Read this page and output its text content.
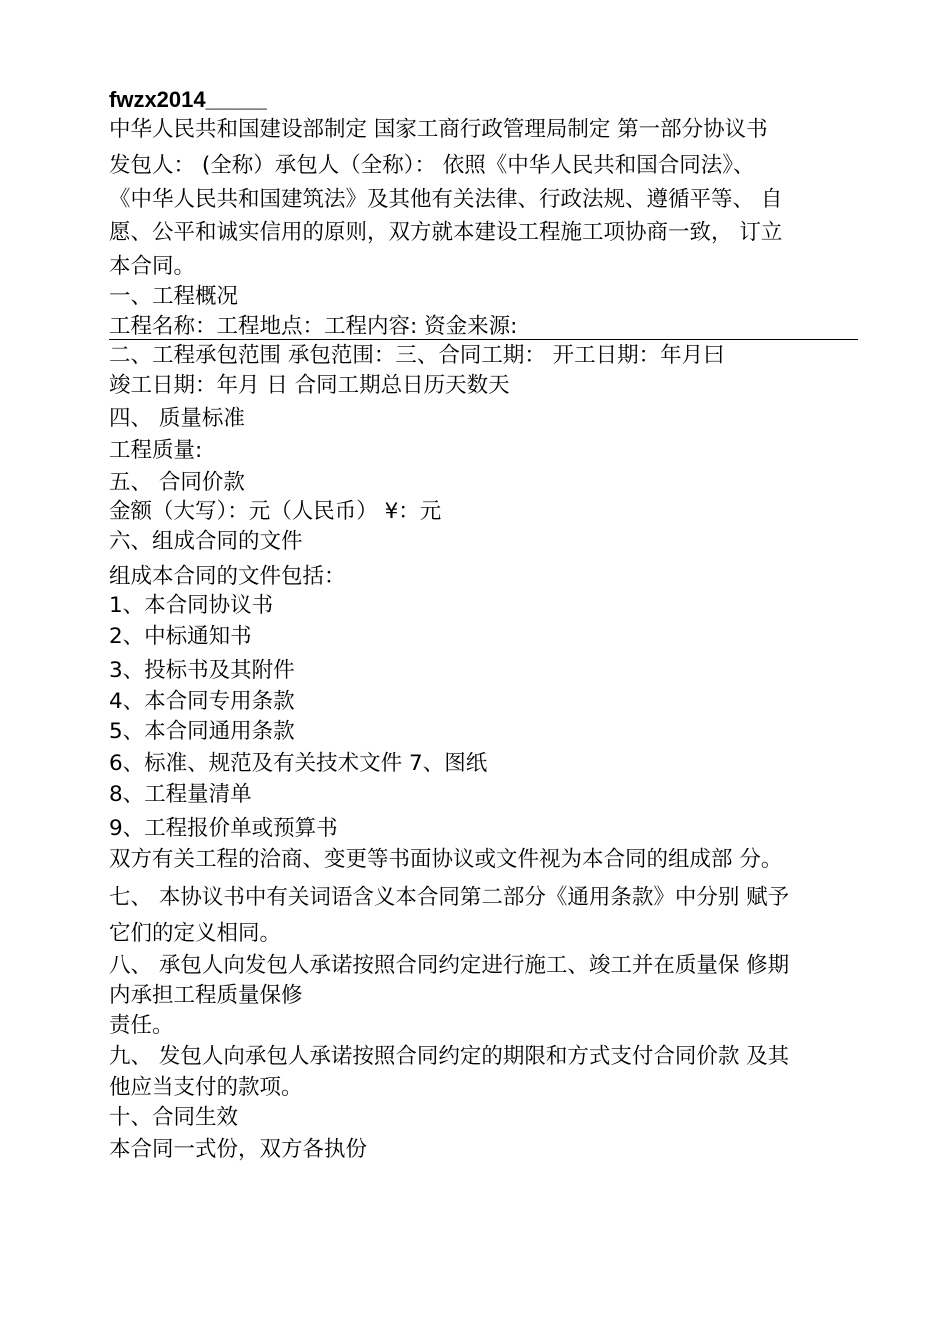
fwzx2014_____
中华人民共和国建设部制定 国家工商行政管理局制定 第一部分协议书
发包人： (全称）承包人（全称）： 依照《中华人民共和国合同法》、
《中华人民共和国建筑法》及其他有关法律、行政法规、遵循平等、 自
愿、公平和诚实信用的原则，双方就本建设工程施工项协商一致， 订立
本合同。
一、工程概况
工程名称：工程地点：工程内容: 资金来源:
二、工程承包范围 承包范围：三、合同工期： 开工日期：年月曰
竣工日期：年月 日 合同工期总日历天数天
四、 质量标准
工程质量:
五、 合同价款
金额（大写）：元（人民币） ¥：元
六、组成合同的文件
组成本合同的文件包括：
1、本合同协议书
2、中标通知书
3、投标书及其附件
4、本合同专用条款
5、本合同通用条款
6、标准、规范及有关技术文件 7、图纸
8、工程量清单
9、工程报价单或预算书
双方有关工程的洽商、变更等书面协议或文件视为本合同的组成部 分。
七、 本协议书中有关词语含义本合同第二部分《通用条款》中分别 赋予
它们的定义相同。
八、 承包人向发包人承诺按照合同约定进行施工、竣工并在质量保 修期
内承担工程质量保修
责任。
九、 发包人向承包人承诺按照合同约定的期限和方式支付合同价款 及其
他应当支付的款项。
十、合同生效
本合同一式份，双方各执份
